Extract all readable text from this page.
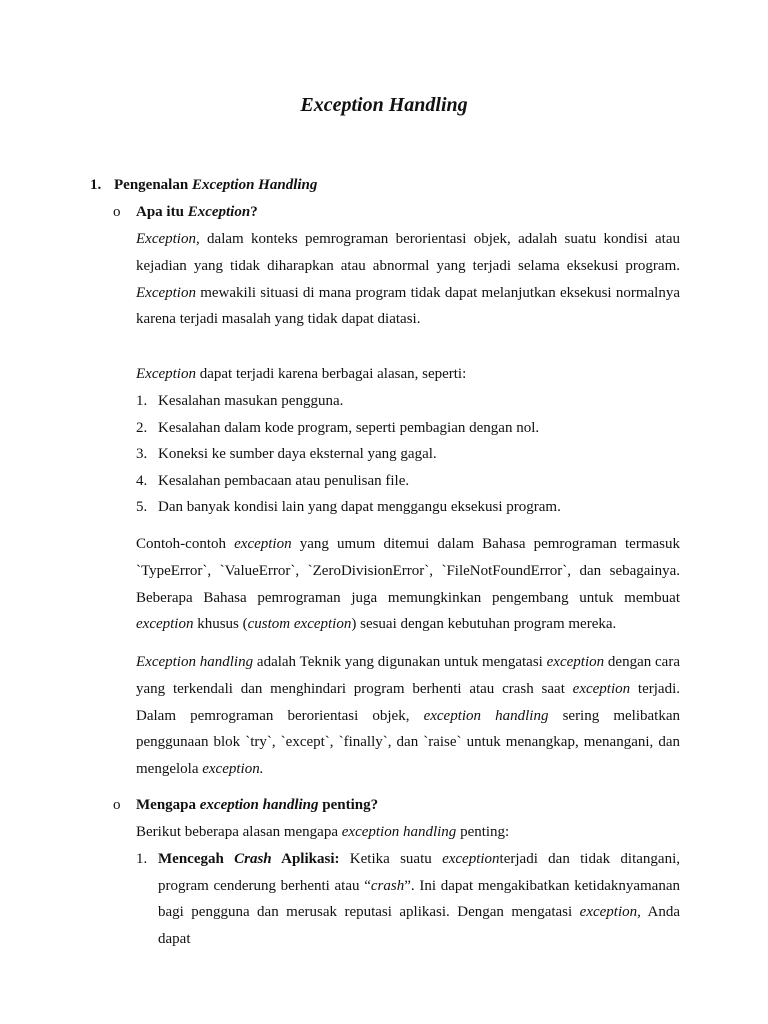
Exception Handling
1. Pengenalan Exception Handling
o Apa itu Exception?
Exception, dalam konteks pemrograman berorientasi objek, adalah suatu kondisi atau kejadian yang tidak diharapkan atau abnormal yang terjadi selama eksekusi program. Exception mewakili situasi di mana program tidak dapat melanjutkan eksekusi normalnya karena terjadi masalah yang tidak dapat diatasi.
Exception dapat terjadi karena berbagai alasan, seperti:
1. Kesalahan masukan pengguna.
2. Kesalahan dalam kode program, seperti pembagian dengan nol.
3. Koneksi ke sumber daya eksternal yang gagal.
4. Kesalahan pembacaan atau penulisan file.
5. Dan banyak kondisi lain yang dapat menggangu eksekusi program.
Contoh-contoh exception yang umum ditemui dalam Bahasa pemrograman termasuk `TypeError`, `ValueError`, `ZeroDivisionError`, `FileNotFoundError`, dan sebagainya. Beberapa Bahasa pemrograman juga memungkinkan pengembang untuk membuat exception khusus (custom exception) sesuai dengan kebutuhan program mereka.
Exception handling adalah Teknik yang digunakan untuk mengatasi exception dengan cara yang terkendali dan menghindari program berhenti atau crash saat exception terjadi. Dalam pemrograman berorientasi objek, exception handling sering melibatkan penggunaan blok `try`, `except`, `finally`, dan `raise` untuk menangkap, menangani, dan mengelola exception.
o Mengapa exception handling penting?
Berikut beberapa alasan mengapa exception handling penting:
1. Mencegah Crash Aplikasi: Ketika suatu exceptionterjadi dan tidak ditangani, program cenderung berhenti atau “crash”. Ini dapat mengakibatkan ketidaknyamanan bagi pengguna dan merusak reputasi aplikasi. Dengan mengatasi exception, Anda dapat
